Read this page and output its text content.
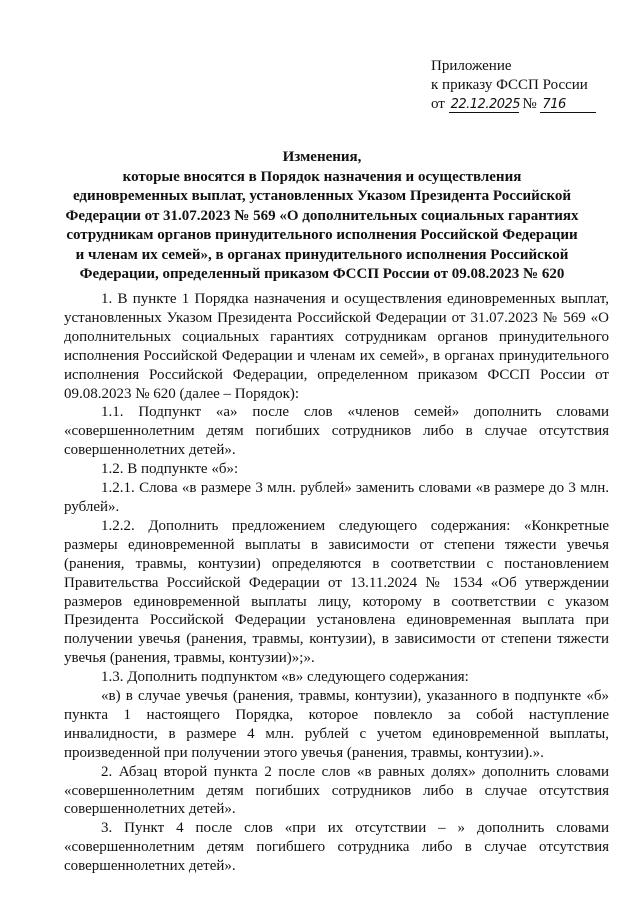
Приложение
к приказу ФССП России
от 22.12.2025 № 716
Изменения,
которые вносятся в Порядок назначения и осуществления
единовременных выплат, установленных Указом Президента Российской
Федерации от 31.07.2023 № 569 «О дополнительных социальных гарантиях
сотрудникам органов принудительного исполнения Российской Федерации
и членам их семей», в органах принудительного исполнения Российской
Федерации, определенный приказом ФССП России от 09.08.2023 № 620

1. В пункте 1 Порядка назначения и осуществления единовременных выплат, установленных Указом Президента Российской Федерации от 31.07.2023 № 569 «О дополнительных социальных гарантиях сотрудникам органов принудительного исполнения Российской Федерации и членам их семей», в органах принудительного исполнения Российской Федерации, определенном приказом ФССП России от 09.08.2023 № 620 (далее – Порядок):

1.1. Подпункт «а» после слов «членов семей» дополнить словами «совершеннолетним детям погибших сотрудников либо в случае отсутствия совершеннолетних детей».

1.2. В подпункте «б»:

1.2.1. Слова «в размере 3 млн. рублей» заменить словами «в размере до 3 млн. рублей».

1.2.2. Дополнить предложением следующего содержания: «Конкретные размеры единовременной выплаты в зависимости от степени тяжести увечья (ранения, травмы, контузии) определяются в соответствии с постановлением Правительства Российской Федерации от 13.11.2024 № 1534 «Об утверждении размеров единовременной выплаты лицу, которому в соответствии с указом Президента Российской Федерации установлена единовременная выплата при получении увечья (ранения, травмы, контузии), в зависимости от степени тяжести увечья (ранения, травмы, контузии)»;».

1.3. Дополнить подпунктом «в» следующего содержания:

«в) в случае увечья (ранения, травмы, контузии), указанного в подпункте «б» пункта 1 настоящего Порядка, которое повлекло за собой наступление инвалидности, в размере 4 млн. рублей с учетом единовременной выплаты, произведенной при получении этого увечья (ранения, травмы, контузии).».

2. Абзац второй пункта 2 после слов «в равных долях» дополнить словами «совершеннолетним детям погибших сотрудников либо в случае отсутствия совершеннолетних детей».

3. Пункт 4 после слов «при их отсутствии – » дополнить словами «совершеннолетним детям погибшего сотрудника либо в случае отсутствия совершеннолетних детей».
